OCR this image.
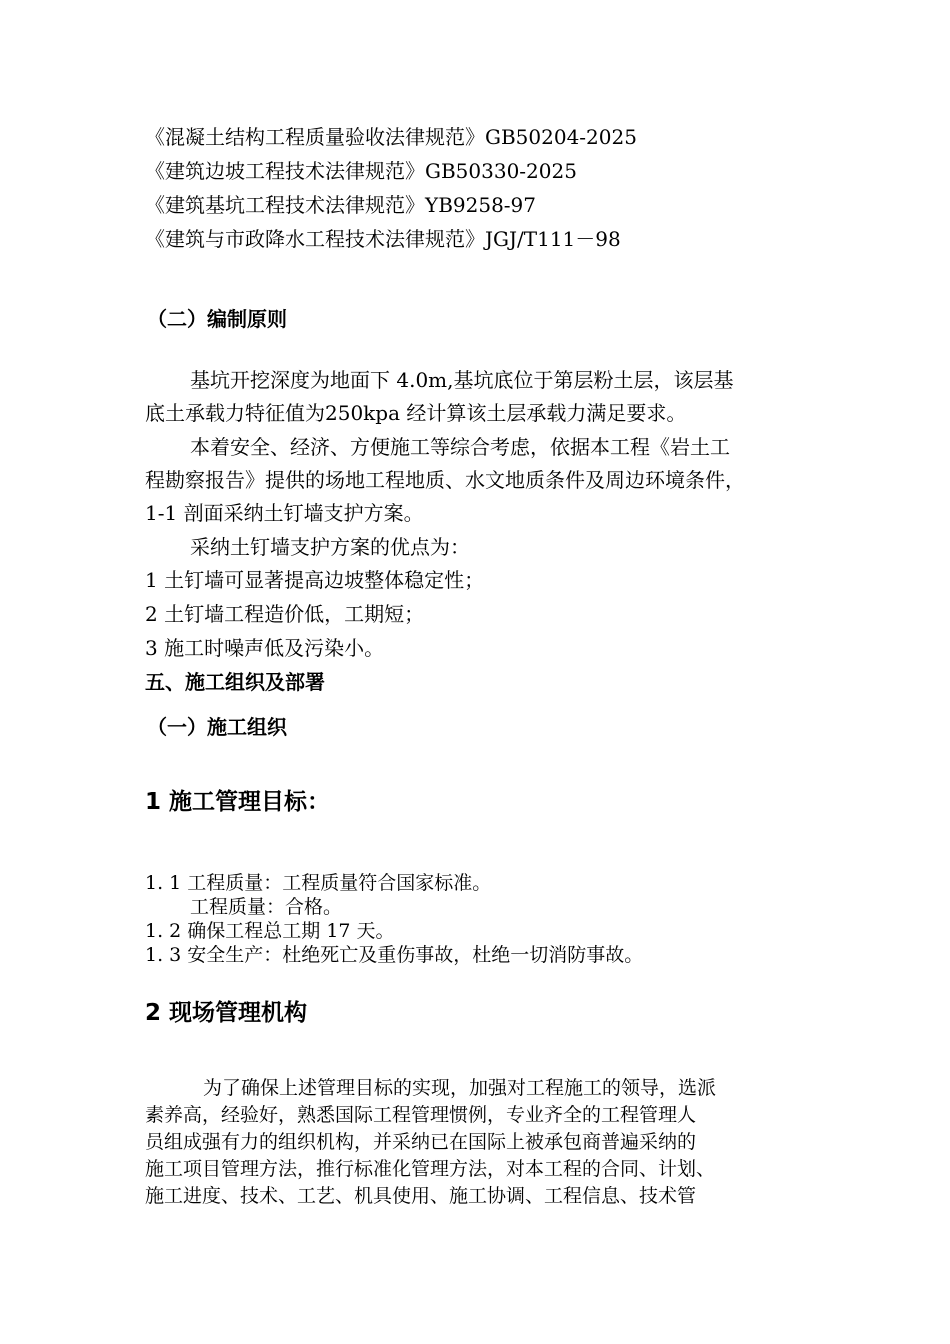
《混凝土结构工程质量验收法律规范》GB50204-2025
《建筑边坡工程技术法律规范》GB50330-2025
《建筑基坑工程技术法律规范》YB9258-97
《建筑与市政降水工程技术法律规范》JGJ/T111－98
（二）编制原则
基坑开挖深度为地面下 4.0m,基坑底位于第层粉土层，该层基
底土承载力特征值为250kpa 经计算该土层承载力满足要求。
本着安全、经济、方便施工等综合考虑，依据本工程《岩土工
程勘察报告》提供的场地工程地质、水文地质条件及周边环境条件，
1-1 剖面采纳土钉墙支护方案。
采纳土钉墙支护方案的优点为：
1 土钉墙可显著提高边坡整体稳定性；
2 土钉墙工程造价低，工期短；
3 施工时噪声低及污染小。
五、施工组织及部署
（一）施工组织
1 施工管理目标：
1. 1 工程质量：工程质量符合国家标准。
工程质量：合格。
1. 2 确保工程总工期 17 天。
1. 3 安全生产：杜绝死亡及重伤事故，杜绝一切消防事故。
2 现场管理机构
为了确保上述管理目标的实现，加强对工程施工的领导，选派
素养高，经验好，熟悉国际工程管理惯例，专业齐全的工程管理人
员组成强有力的组织机构，并采纳已在国际上被承包商普遍采纳的
施工项目管理方法，推行标准化管理方法，对本工程的合同、计划、
施工进度、技术、工艺、机具使用、施工协调、工程信息、技术管
